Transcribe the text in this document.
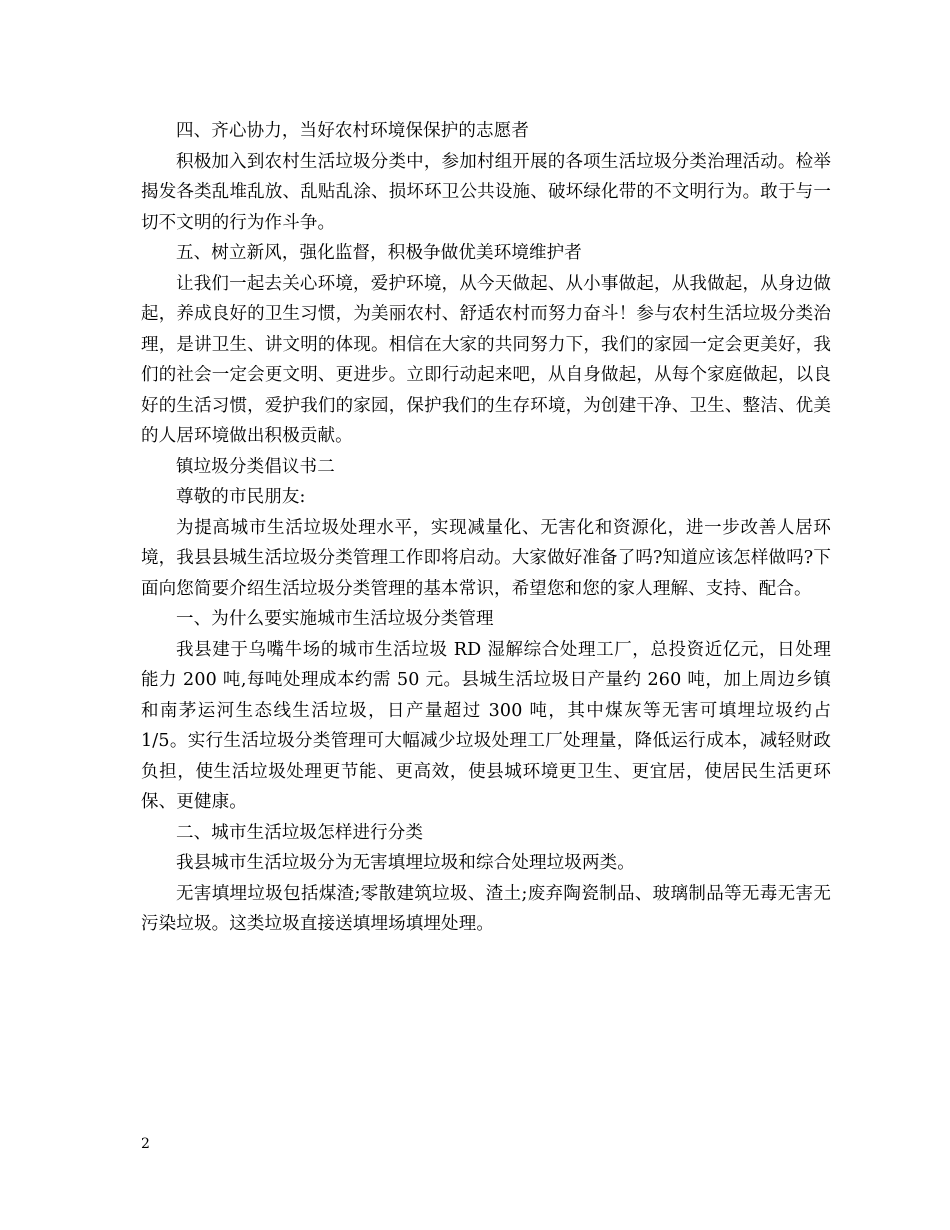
四、齐心协力，当好农村环境保保护的志愿者

积极加入到农村生活垃圾分类中，参加村组开展的各项生活垃圾分类治理活动。检举揭发各类乱堆乱放、乱贴乱涂、损坏环卫公共设施、破坏绿化带的不文明行为。敢于与一切不文明的行为作斗争。

五、树立新风，强化监督，积极争做优美环境维护者

让我们一起去关心环境，爱护环境，从今天做起、从小事做起，从我做起，从身边做起，养成良好的卫生习惯，为美丽农村、舒适农村而努力奋斗！参与农村生活垃圾分类治理，是讲卫生、讲文明的体现。相信在大家的共同努力下，我们的家园一定会更美好，我们的社会一定会更文明、更进步。立即行动起来吧，从自身做起，从每个家庭做起，以良好的生活习惯，爱护我们的家园，保护我们的生存环境，为创建干净、卫生、整洁、优美的人居环境做出积极贡献。

镇垃圾分类倡议书二

尊敬的市民朋友:

为提高城市生活垃圾处理水平，实现减量化、无害化和资源化，进一步改善人居环境，我县县城生活垃圾分类管理工作即将启动。大家做好准备了吗?知道应该怎样做吗?下面向您简要介绍生活垃圾分类管理的基本常识，希望您和您的家人理解、支持、配合。

一、为什么要实施城市生活垃圾分类管理

我县建于乌嘴牛场的城市生活垃圾 RD 湿解综合处理工厂，总投资近亿元，日处理能力 200 吨,每吨处理成本约需 50 元。县城生活垃圾日产量约 260 吨，加上周边乡镇和南茅运河生态线生活垃圾，日产量超过 300 吨，其中煤灰等无害可填埋垃圾约占 1/5。实行生活垃圾分类管理可大幅减少垃圾处理工厂处理量，降低运行成本，减轻财政负担，使生活垃圾处理更节能、更高效，使县城环境更卫生、更宜居，使居民生活更环保、更健康。

二、城市生活垃圾怎样进行分类

我县城市生活垃圾分为无害填埋垃圾和综合处理垃圾两类。

无害填埋垃圾包括煤渣;零散建筑垃圾、渣土;废弃陶瓷制品、玻璃制品等无毒无害无污染垃圾。这类垃圾直接送填埋场填埋处理。

2
